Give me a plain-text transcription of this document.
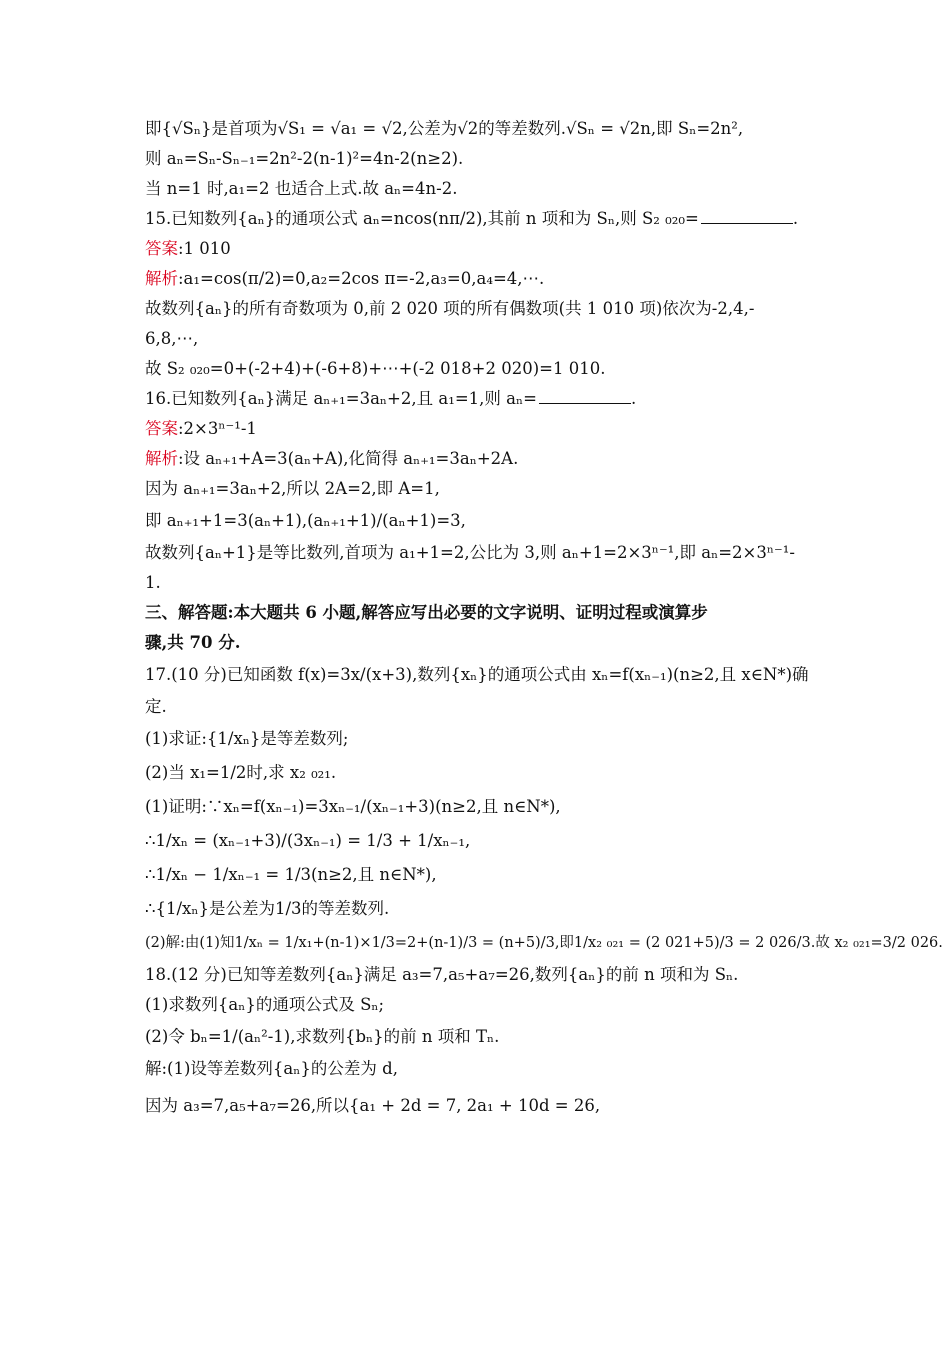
即{√Sₙ}是首项为√S₁ = √a₁ = √2,公差为√2的等差数列.√Sₙ = √2n,即 Sₙ=2n²,
则 aₙ=Sₙ-Sₙ₋₁=2n²-2(n-1)²=4n-2(n≥2).
当 n=1 时,a₁=2 也适合上式.故 aₙ=4n-2.
15.已知数列{aₙ}的通项公式 aₙ=ncos(nπ/2),其前 n 项和为 Sₙ,则 S₂ ₀₂₀=	.
答案:1 010
解析:a₁=cos(π/2)=0,a₂=2cos π=-2,a₃=0,a₄=4,⋯.
故数列{aₙ}的所有奇数项为 0,前 2 020 项的所有偶数项(共 1 010 项)依次为-2,4,-
6,8,⋯,
故 S₂ ₀₂₀=0+(-2+4)+(-6+8)+⋯+(-2 018+2 020)=1 010.
16.已知数列{aₙ}满足 aₙ₊₁=3aₙ+2,且 a₁=1,则 aₙ=	.
答案:2×3ⁿ⁻¹-1
解析:设 aₙ₊₁+A=3(aₙ+A),化简得 aₙ₊₁=3aₙ+2A.
因为 aₙ₊₁=3aₙ+2,所以 2A=2,即 A=1,
即 aₙ₊₁+1=3(aₙ+1),(aₙ₊₁+1)/(aₙ+1)=3,
故数列{aₙ+1}是等比数列,首项为 a₁+1=2,公比为 3,则 aₙ+1=2×3ⁿ⁻¹,即 aₙ=2×3ⁿ⁻¹-
1.
三、解答题:本大题共 6 小题,解答应写出必要的文字说明、证明过程或演算步
骤,共 70 分.
17.(10 分)已知函数 f(x)=3x/(x+3),数列{xₙ}的通项公式由 xₙ=f(xₙ₋₁)(n≥2,且 x∈N*)确
定.
(1)求证:{1/xₙ}是等差数列;
(2)当 x₁=1/2时,求 x₂ ₀₂₁.
(1)证明:∵xₙ=f(xₙ₋₁)=3xₙ₋₁/(xₙ₋₁+3)(n≥2,且 n∈N*),
∴1/xₙ = (xₙ₋₁+3)/(3xₙ₋₁) = 1/3 + 1/xₙ₋₁,
∴1/xₙ − 1/xₙ₋₁ = 1/3(n≥2,且 n∈N*),
∴{1/xₙ}是公差为1/3的等差数列.
(2)解:由(1)知1/xₙ = 1/x₁+(n-1)×1/3=2+(n-1)/3 = (n+5)/3,即1/x₂ ₀₂₁ = (2 021+5)/3 = 2 026/3.故 x₂ ₀₂₁=3/2 026.
18.(12 分)已知等差数列{aₙ}满足 a₃=7,a₅+a₇=26,数列{aₙ}的前 n 项和为 Sₙ.
(1)求数列{aₙ}的通项公式及 Sₙ;
(2)令 bₙ=1/(aₙ²-1),求数列{bₙ}的前 n 项和 Tₙ.
解:(1)设等差数列{aₙ}的公差为 d,
因为 a₃=7,a₅+a₇=26,所以{a₁ + 2d = 7, 2a₁ + 10d = 26,
